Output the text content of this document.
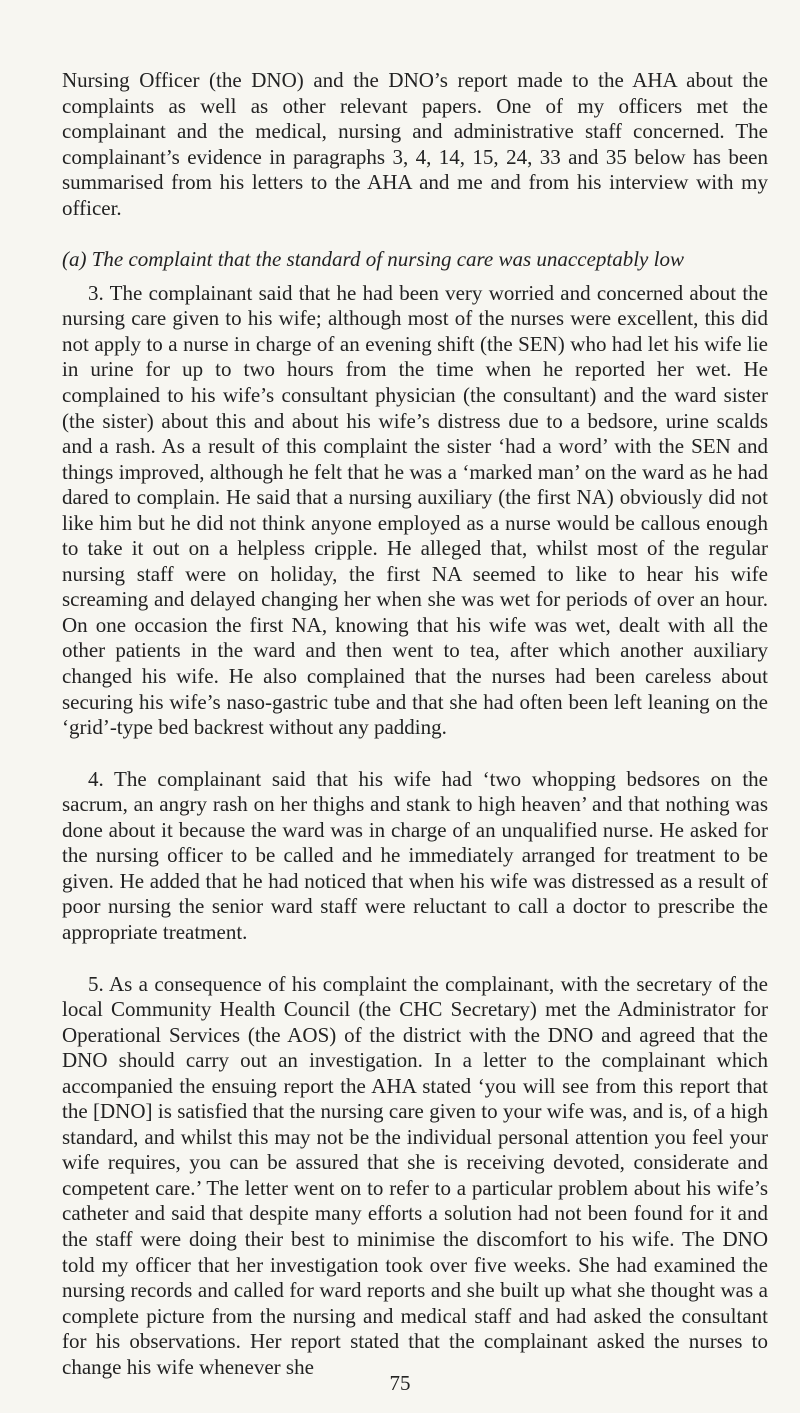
Nursing Officer (the DNO) and the DNO’s report made to the AHA about the complaints as well as other relevant papers. One of my officers met the complainant and the medical, nursing and administrative staff concerned. The complainant’s evidence in paragraphs 3, 4, 14, 15, 24, 33 and 35 below has been summarised from his letters to the AHA and me and from his interview with my officer.

(a) The complaint that the standard of nursing care was unacceptably low

3. The complainant said that he had been very worried and concerned about the nursing care given to his wife; although most of the nurses were excellent, this did not apply to a nurse in charge of an evening shift (the SEN) who had let his wife lie in urine for up to two hours from the time when he reported her wet. He complained to his wife’s consultant physician (the consultant) and the ward sister (the sister) about this and about his wife’s distress due to a bedsore, urine scalds and a rash. As a result of this complaint the sister ‘had a word’ with the SEN and things improved, although he felt that he was a ‘marked man’ on the ward as he had dared to complain. He said that a nursing auxiliary (the first NA) obviously did not like him but he did not think anyone employed as a nurse would be callous enough to take it out on a helpless cripple. He alleged that, whilst most of the regular nursing staff were on holiday, the first NA seemed to like to hear his wife screaming and delayed changing her when she was wet for periods of over an hour. On one occasion the first NA, knowing that his wife was wet, dealt with all the other patients in the ward and then went to tea, after which another auxiliary changed his wife. He also complained that the nurses had been careless about securing his wife’s naso-gastric tube and that she had often been left leaning on the ‘grid’-type bed backrest without any padding.

4. The complainant said that his wife had ‘two whopping bedsores on the sacrum, an angry rash on her thighs and stank to high heaven’ and that nothing was done about it because the ward was in charge of an unqualified nurse. He asked for the nursing officer to be called and he immediately arranged for treatment to be given. He added that he had noticed that when his wife was distressed as a result of poor nursing the senior ward staff were reluctant to call a doctor to prescribe the appropriate treatment.

5. As a consequence of his complaint the complainant, with the secretary of the local Community Health Council (the CHC Secretary) met the Administrator for Operational Services (the AOS) of the district with the DNO and agreed that the DNO should carry out an investigation. In a letter to the complainant which accompanied the ensuing report the AHA stated ‘you will see from this report that the [DNO] is satisfied that the nursing care given to your wife was, and is, of a high standard, and whilst this may not be the individual personal attention you feel your wife requires, you can be assured that she is receiving devoted, considerate and competent care.’ The letter went on to refer to a particular problem about his wife’s catheter and said that despite many efforts a solution had not been found for it and the staff were doing their best to minimise the discomfort to his wife. The DNO told my officer that her investigation took over five weeks. She had examined the nursing records and called for ward reports and she built up what she thought was a complete picture from the nursing and medical staff and had asked the consultant for his observations. Her report stated that the complainant asked the nurses to change his wife whenever she

75
